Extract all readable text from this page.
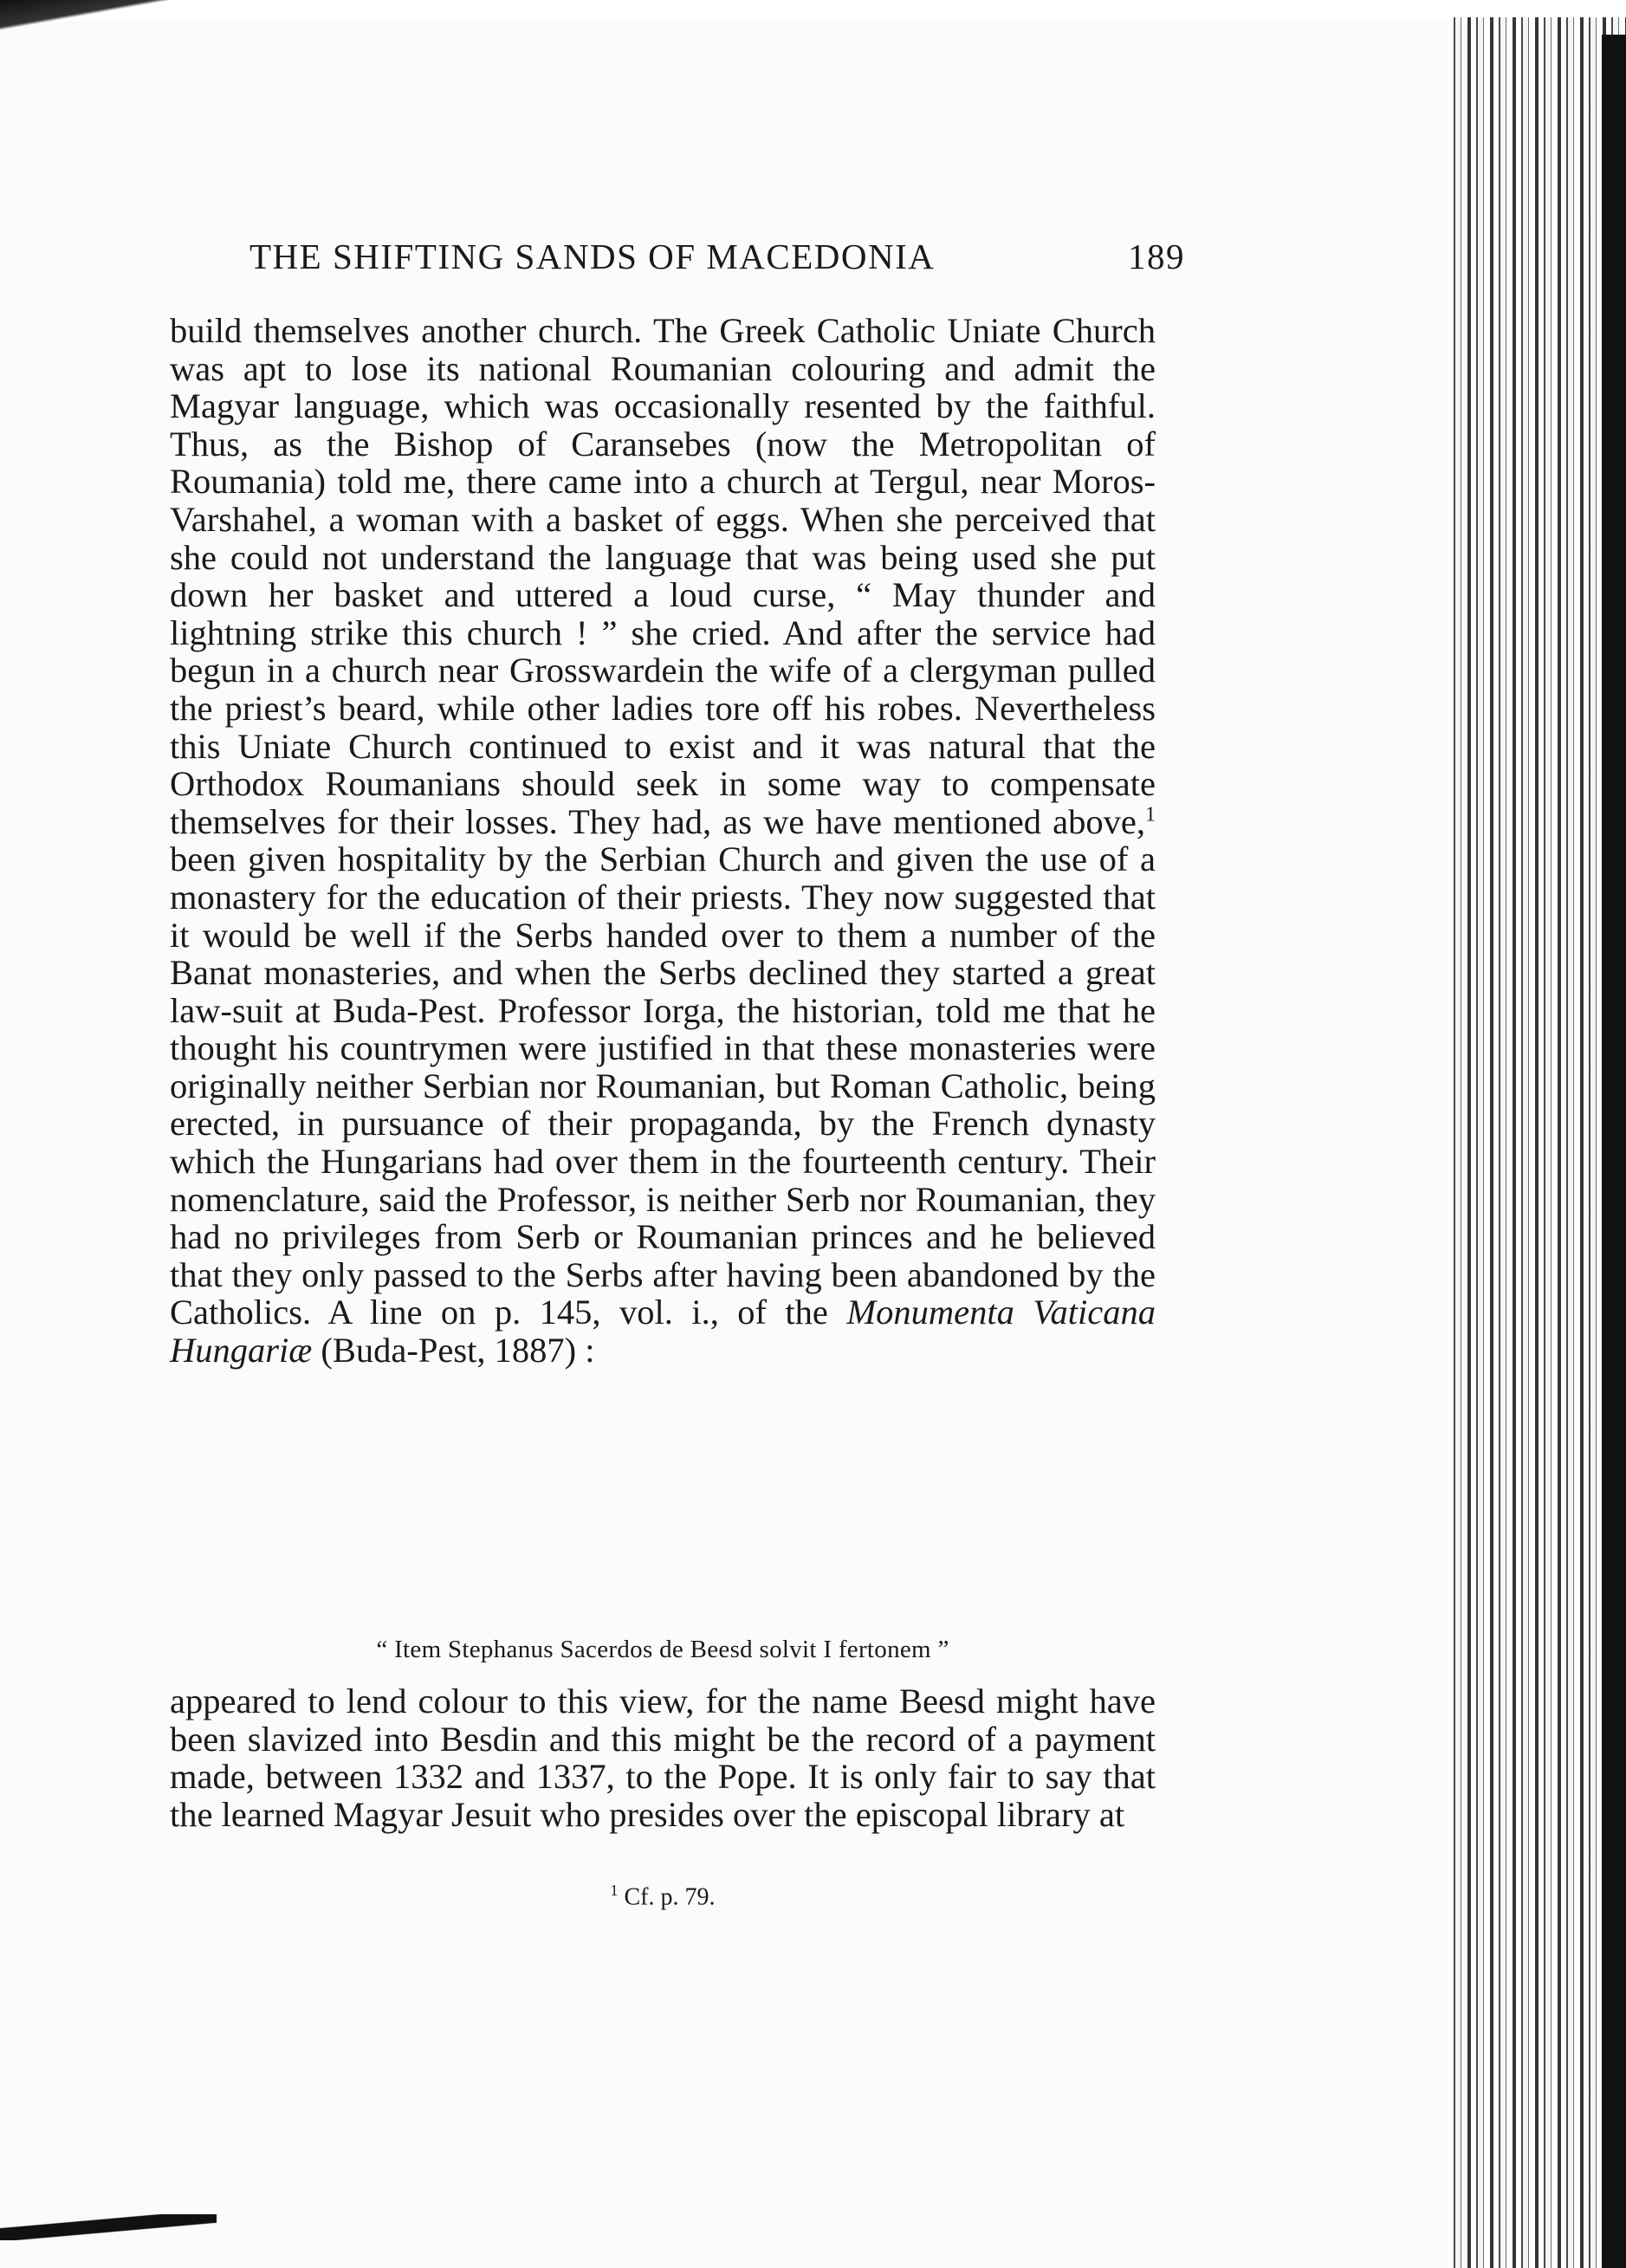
THE SHIFTING SANDS OF MACEDONIA	189

build themselves another church. The Greek Catholic Uniate Church was apt to lose its national Roumanian colouring and admit the Magyar language, which was occasionally resented by the faithful. Thus, as the Bishop of Caransebes (now the Metropolitan of Roumania) told me, there came into a church at Tergul, near Moros-Varshahel, a woman with a basket of eggs. When she perceived that she could not understand the language that was being used she put down her basket and uttered a loud curse, “ May thunder and lightning strike this church ! ” she cried. And after the service had begun in a church near Grosswardein the wife of a clergyman pulled the priest’s beard, while other ladies tore off his robes. Nevertheless this Uniate Church continued to exist and it was natural that the Orthodox Roumanians should seek in some way to compensate themselves for their losses. They had, as we have mentioned above,$^1$ been given hospitality by the Serbian Church and given the use of a monastery for the education of their priests. They now suggested that it would be well if the Serbs handed over to them a number of the Banat monasteries, and when the Serbs declined they started a great law-suit at Buda-Pest. Professor Iorga, the historian, told me that he thought his countrymen were justified in that these monasteries were originally neither Serbian nor Roumanian, but Roman Catholic, being erected, in pursuance of their propaganda, by the French dynasty which the Hungarians had over them in the fourteenth century. Their nomenclature, said the Professor, is neither Serb nor Roumanian, they had no privileges from Serb or Roumanian princes and he believed that they only passed to the Serbs after having been abandoned by the Catholics. A line on p. 145, vol. i., of the Monumenta Vaticana Hungariæ (Buda-Pest, 1887) :

“ Item Stephanus Sacerdos de Beesd solvit I fertonem ”
appeared to lend colour to this view, for the name Beesd might have been slavized into Besdin and this might be the record of a payment made, between 1332 and 1337, to the Pope. It is only fair to say that the learned Magyar Jesuit who presides over the episcopal library at
$^1$ Cf. p. 79.
